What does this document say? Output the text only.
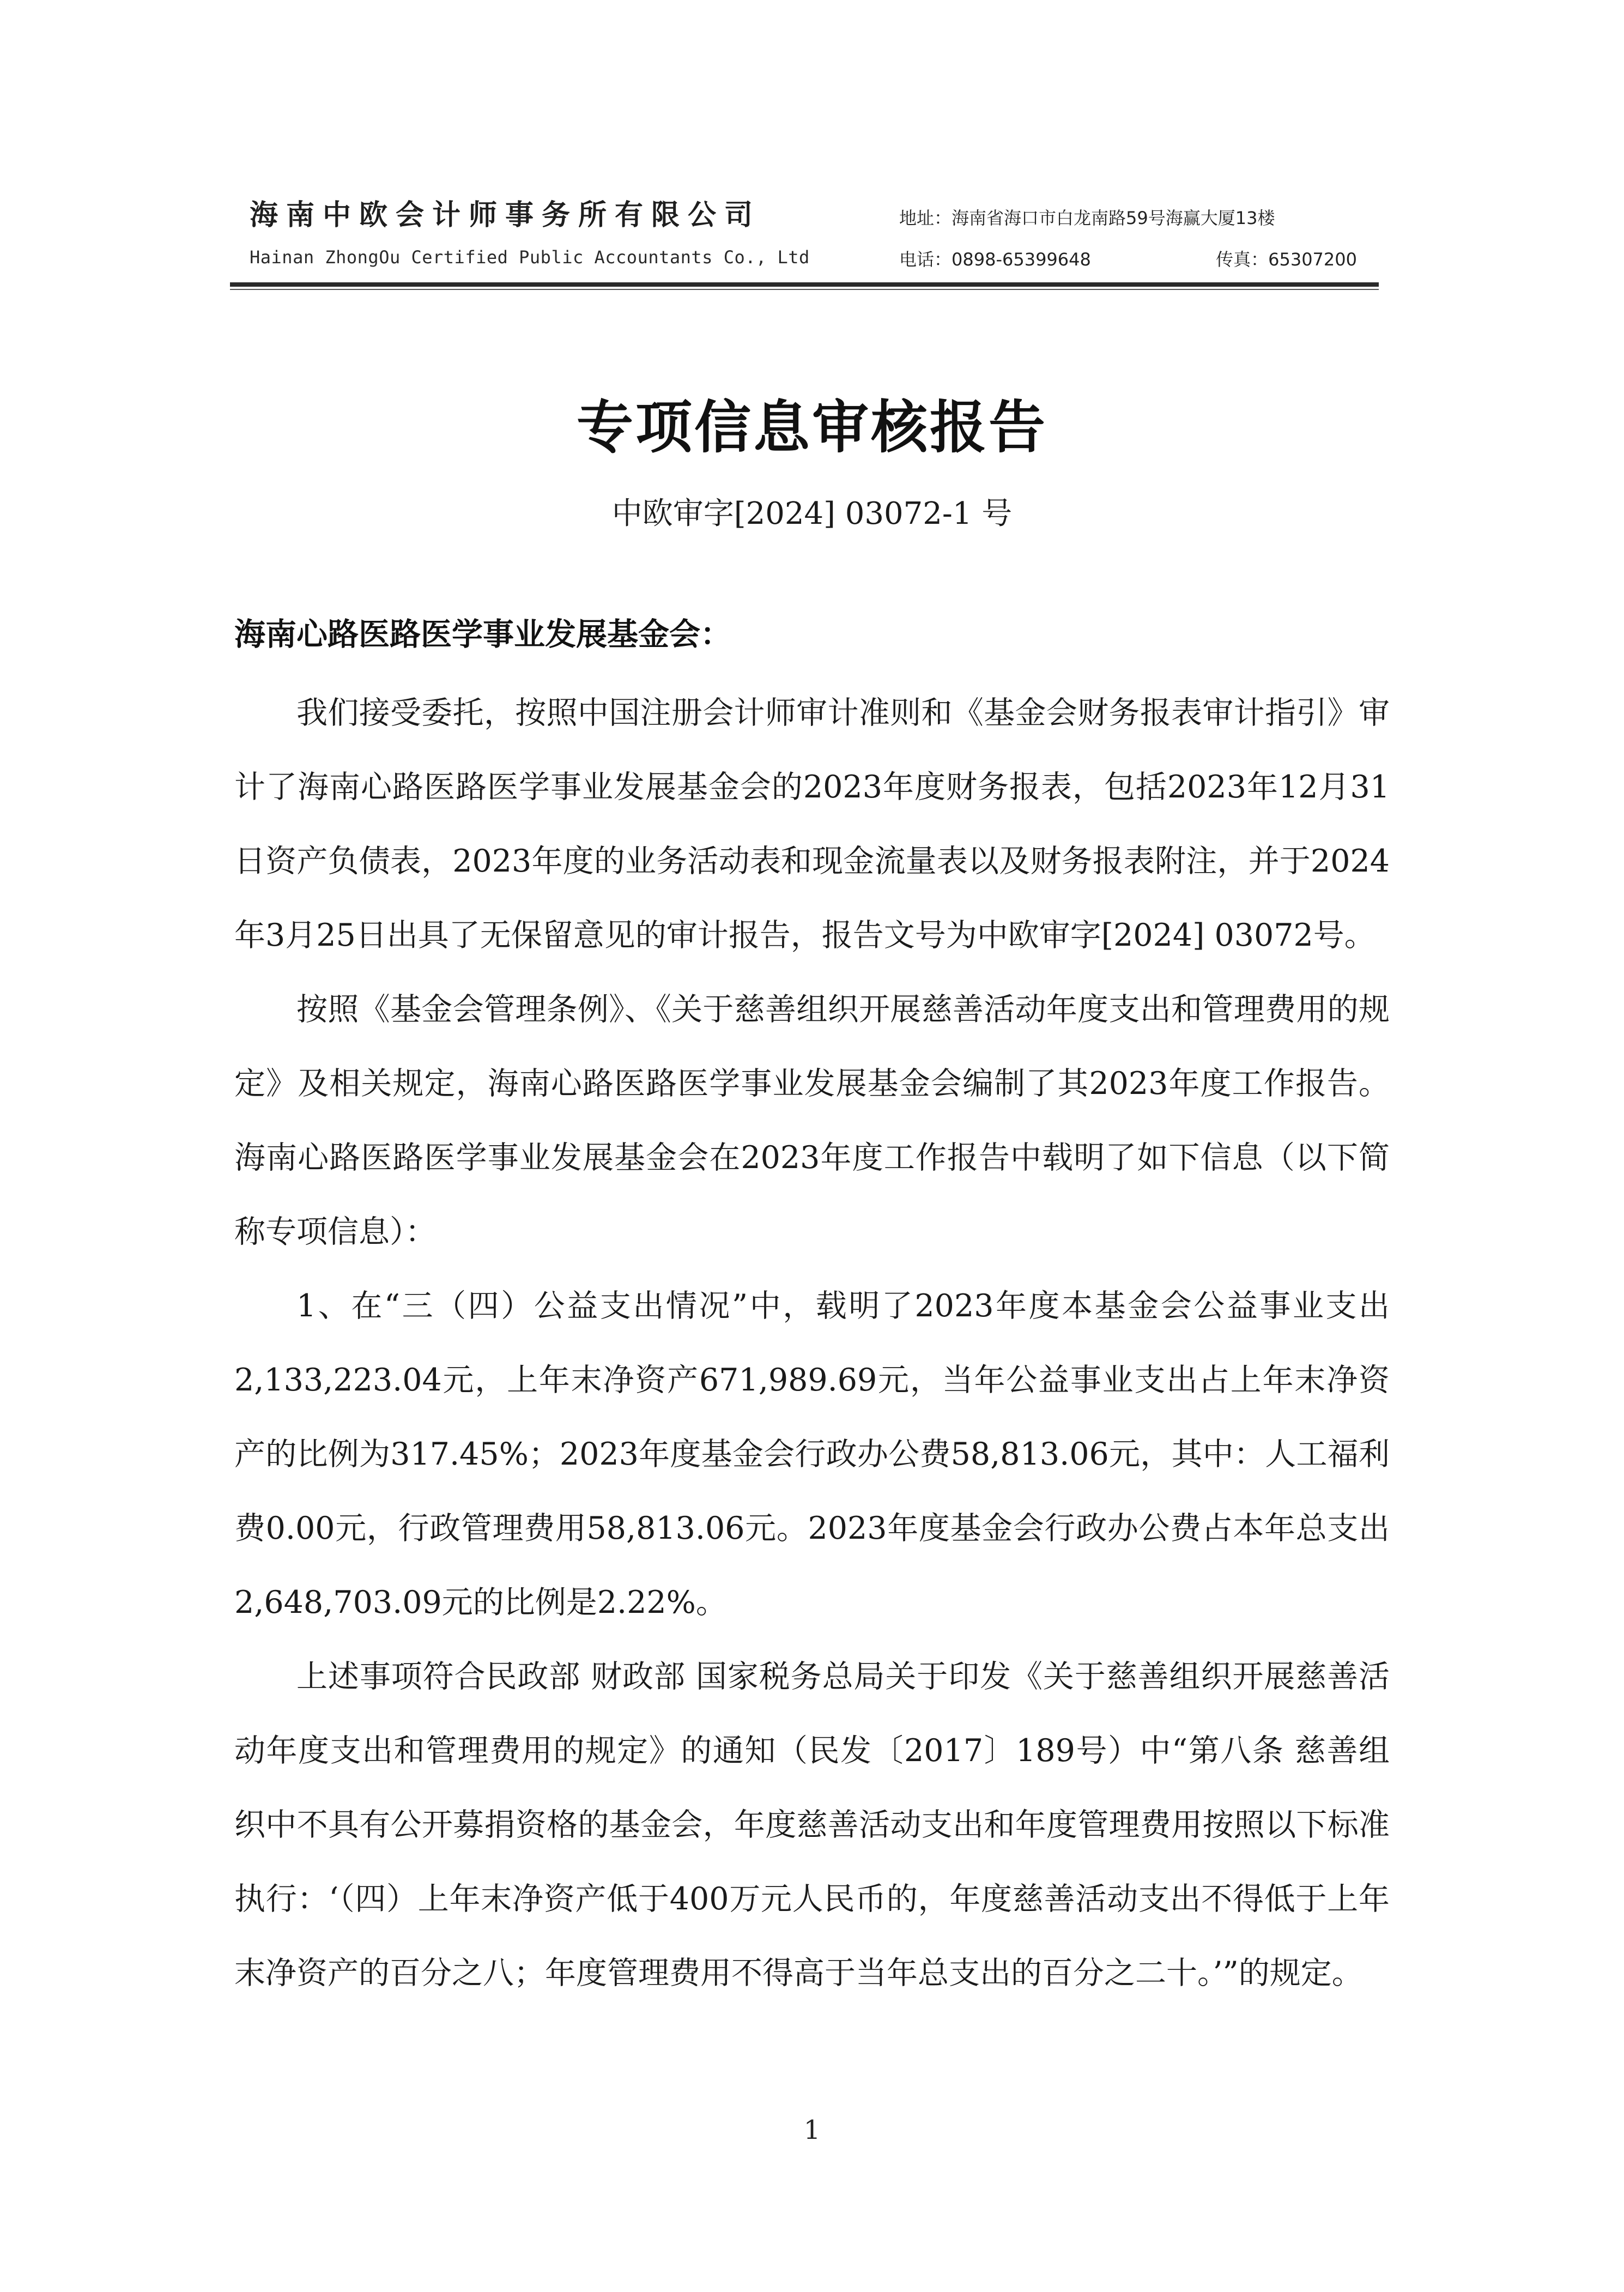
海南中欧会计师事务所有限公司
Hainan ZhongOu Certified Public Accountants Co., Ltd
地址：海南省海口市白龙南路59号海赢大厦13楼
电话：0898-65399648	传真：65307200
专项信息审核报告
中欧审字[2024] 03072-1 号
海南心路医路医学事业发展基金会：

我们接受委托，按照中国注册会计师审计准则和《基金会财务报表审计指引》审计了海南心路医路医学事业发展基金会的2023年度财务报表，包括2023年12月31日资产负债表，2023年度的业务活动表和现金流量表以及财务报表附注，并于2024年3月25日出具了无保留意见的审计报告，报告文号为中欧审字[2024] 03072号。

按照《基金会管理条例》、《关于慈善组织开展慈善活动年度支出和管理费用的规定》及相关规定，海南心路医路医学事业发展基金会编制了其2023年度工作报告。海南心路医路医学事业发展基金会在2023年度工作报告中载明了如下信息（以下简称专项信息）：

1、在“三（四）公益支出情况”中，载明了2023年度本基金会公益事业支出2,133,223.04元，上年末净资产671,989.69元，当年公益事业支出占上年末净资产的比例为317.45%；2023年度基金会行政办公费58,813.06元，其中：人工福利费0.00元，行政管理费用58,813.06元。2023年度基金会行政办公费占本年总支出2,648,703.09元的比例是2.22%。

上述事项符合民政部 财政部 国家税务总局关于印发《关于慈善组织开展慈善活动年度支出和管理费用的规定》的通知（民发〔2017〕189号）中“第八条 慈善组织中不具有公开募捐资格的基金会，年度慈善活动支出和年度管理费用按照以下标准执行：‘（四）上年末净资产低于400万元人民币的，年度慈善活动支出不得低于上年末净资产的百分之八；年度管理费用不得高于当年总支出的百分之二十。’”的规定。

1
